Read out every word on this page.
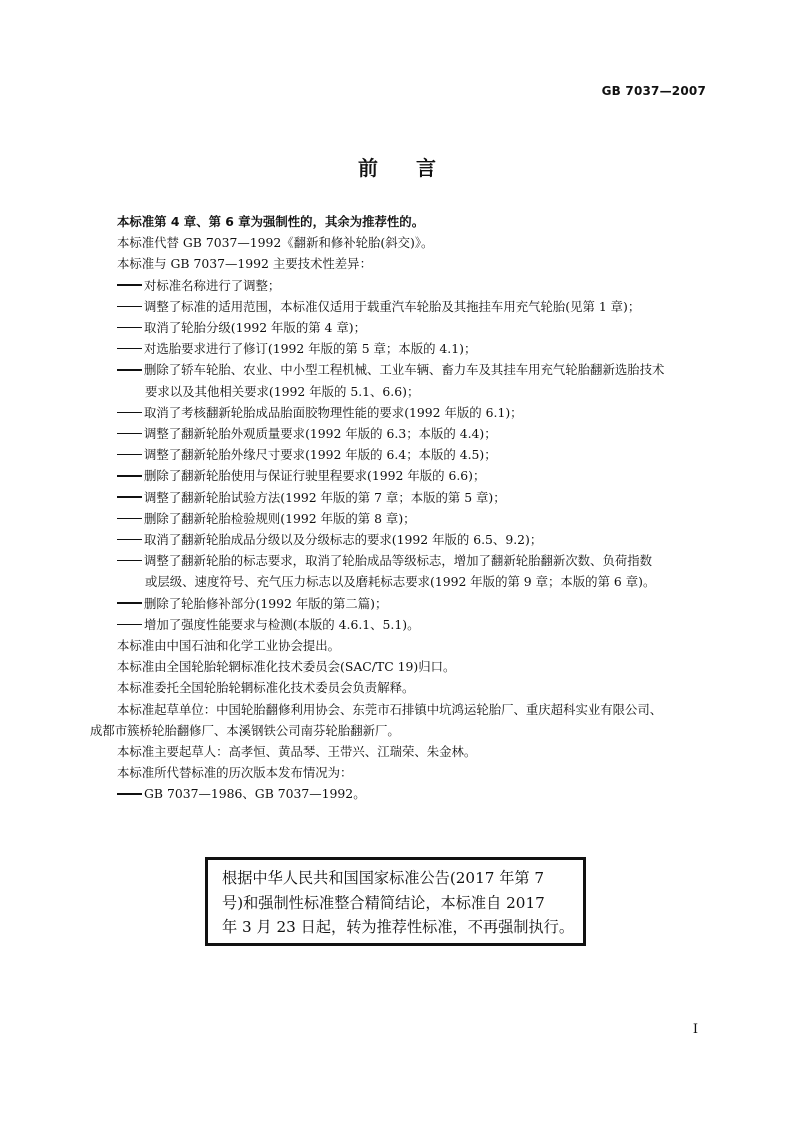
GB 7037—2007
前言
本标准第 4 章、第 6 章为强制性的，其余为推荐性的。
本标准代替 GB 7037—1992《翻新和修补轮胎(斜交)》。
本标准与 GB 7037—1992 主要技术性差异：
对标准名称进行了调整；
调整了标准的适用范围，本标准仅适用于载重汽车轮胎及其拖挂车用充气轮胎(见第 1 章)；
取消了轮胎分级(1992 年版的第 4 章)；
对选胎要求进行了修订(1992 年版的第 5 章；本版的 4.1)；
删除了轿车轮胎、农业、中小型工程机械、工业车辆、畜力车及其挂车用充气轮胎翻新选胎技术
要求以及其他相关要求(1992 年版的 5.1、6.6)；
取消了考核翻新轮胎成品胎面胶物理性能的要求(1992 年版的 6.1)；
调整了翻新轮胎外观质量要求(1992 年版的 6.3；本版的 4.4)；
调整了翻新轮胎外缘尺寸要求(1992 年版的 6.4；本版的 4.5)；
删除了翻新轮胎使用与保证行驶里程要求(1992 年版的 6.6)；
调整了翻新轮胎试验方法(1992 年版的第 7 章；本版的第 5 章)；
删除了翻新轮胎检验规则(1992 年版的第 8 章)；
取消了翻新轮胎成品分级以及分级标志的要求(1992 年版的 6.5、9.2)；
调整了翻新轮胎的标志要求，取消了轮胎成品等级标志，增加了翻新轮胎翻新次数、负荷指数
或层级、速度符号、充气压力标志以及磨耗标志要求(1992 年版的第 9 章；本版的第 6 章)。
删除了轮胎修补部分(1992 年版的第二篇)；
增加了强度性能要求与检测(本版的 4.6.1、5.1)。
本标准由中国石油和化学工业协会提出。
本标准由全国轮胎轮辋标准化技术委员会(SAC/TC 19)归口。
本标准委托全国轮胎轮辋标准化技术委员会负责解释。
本标准起草单位：中国轮胎翻修利用协会、东莞市石排镇中坑鸿运轮胎厂、重庆超科实业有限公司、
成都市簇桥轮胎翻修厂、本溪钢铁公司南芬轮胎翻新厂。
本标准主要起草人：高孝恒、黄品琴、王带兴、江瑞荣、朱金林。
本标准所代替标准的历次版本发布情况为：
GB 7037—1986、GB 7037—1992。
根据中华人民共和国国家标准公告(2017 年第 7
号)和强制性标准整合精简结论，本标准自 2017
年 3 月 23 日起，转为推荐性标准，不再强制执行。
I
